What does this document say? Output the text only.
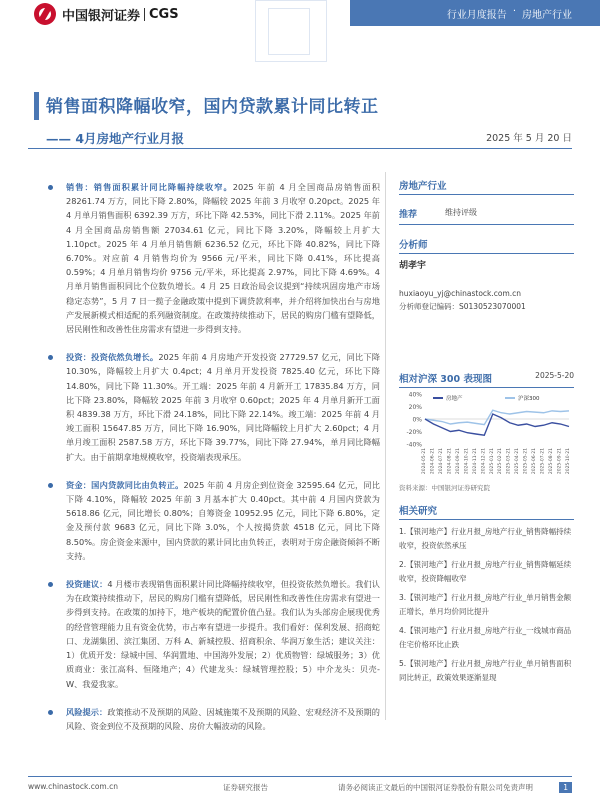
中国银河证券 CGS	行业月度报告 · 房地产行业
销售面积降幅收窄，国内贷款累计同比转正
—— 4月房地产行业月报	2025 年 5 月 20 日
销售：销售面积累计同比降幅持续收窄。2025 年前 4 月全国商品房销售面积 28261.74 万方，同比下降 2.80%，降幅较 2025 年前 3 月收窄 0.20pct。2025 年 4 月单月销售面积 6392.39 万方，环比下降 42.53%，同比下滑 2.11%。2025 年前 4 月全国商品房销售额 27034.61 亿元，同比下降 3.20%，降幅较上月扩大 1.10pct。2025 年 4 月单月销售额 6236.52 亿元，环比下降 40.82%，同比下降 6.70%。对应前 4 月销售均价为 9566 元/平米，同比下降 0.41%，环比提高 0.59%；4 月单月销售均价 9756 元/平米，环比提高 2.97%，同比下降 4.69%。4 月单月销售面积同比个位数负增长。4 月 25 日政治局会议提到“持续巩固房地产市场稳定态势”，5 月 7 日一揽子金融政策中提到下调贷款利率，并介绍将加快出台与房地产发展新模式相适配的系列融资制度。在政策持续推动下，居民的购房门槛有望降低，居民刚性和改善性住房需求有望进一步得到支持。
投资：投资依然负增长。2025 年前 4 月房地产开发投资 27729.57 亿元，同比下降 10.30%，降幅较上月扩大 0.4pct；4 月单月开发投资 7825.40 亿元，环比下降 14.80%，同比下降 11.30%。开工端：2025 年前 4 月新开工 17835.84 万方，同比下降 23.80%，降幅较 2025 年前 3 月收窄 0.60pct；2025 年 4 月单月新开工面积 4839.38 万方，环比下滑 24.18%，同比下降 22.14%。竣工端：2025 年前 4 月竣工面积 15647.85 万方，同比下降 16.90%，同比降幅较上月扩大 2.60pct；4 月单月竣工面积 2587.58 万方，环比下降 39.77%，同比下降 27.94%，单月同比降幅扩大。由于前期拿地规模收窄，投资端表现承压。
资金：国内贷款同比由负转正。2025 年前 4 月房企到位资金 32595.64 亿元，同比下降 4.10%，降幅较 2025 年前 3 月基本扩大 0.40pct。其中前 4 月国内贷款为 5618.86 亿元，同比增长 0.80%；自筹资金 10952.95 亿元，同比下降 6.80%，定金及预付款 9683 亿元，同比下降 3.0%，个人按揭贷款 4518 亿元，同比下降 8.50%。房企资金来源中，国内贷款的累计同比由负转正，表明对于房企融资倾斜不断支持。
投资建议：4 月楼市表现销售面积累计同比降幅持续收窄，但投资依然负增长。我们认为在政策持续推动下，居民的购房门槛有望降低，居民刚性和改善性住房需求有望进一步得到支持。在政策的加持下，地产板块的配置价值凸显。我们认为头部房企展现优秀的经营管理能力且有资金优势，市占率有望进一步提升。我们看好：保利发展、招商蛇口、龙湖集团、滨江集团、万科 A、新城控股、招商积余、华润万象生活；建议关注：1）优质开发：绿城中国、华润置地、中国海外发展；2）优质物管：绿城服务；3）优质商业：张江高科、恒隆地产；4）代建龙头：绿城管理控股；5）中介龙头：贝壳-W、我爱我家。
风险提示：政策推动不及预期的风险、因城施策不及预期的风险、宏观经济不及预期的风险、资金到位不及预期的风险、房价大幅波动的风险。
房地产行业
推荐	维持评级
分析师
胡孝宇
huxiaoyu_yj@chinastock.com.cn
分析师登记编码：S0130523070001
相对沪深 300 表现图	2025-5-20
40%
20%
0%
-20%
-40%
2024-05-21 2024-06-21 2024-07-21 2024-08-21 2024-09-21 2024-10-21 2024-11-21 2024-12-21 2025-01-21 2025-02-21 2025-03-21 2025-04-21 2025-05-21 2025-06-21 2025-07-21 2025-08-21 2025-09-21 2025-10-21
房地产	沪深300
资料来源：中国银河证券研究院
相关研究
1.【银河地产】行业月报_房地产行业_销售降幅持续收窄，投资依然承压
2.【银河地产】行业月报_房地产行业_销售降幅延续收窄，投资降幅收窄
3.【银河地产】行业月报_房地产行业_单月销售金额正增长，单月均价同比提升
4.【银河地产】行业月报_房地产行业_一线城市商品住宅价格环比止跌
5.【银河地产】行业月报_房地产行业_单月销售面积同比转正，政策效果逐渐显现
www.chinastock.com.cn	证券研究报告	请务必阅读正文最后的中国银河证券股份有限公司免责声明	1
